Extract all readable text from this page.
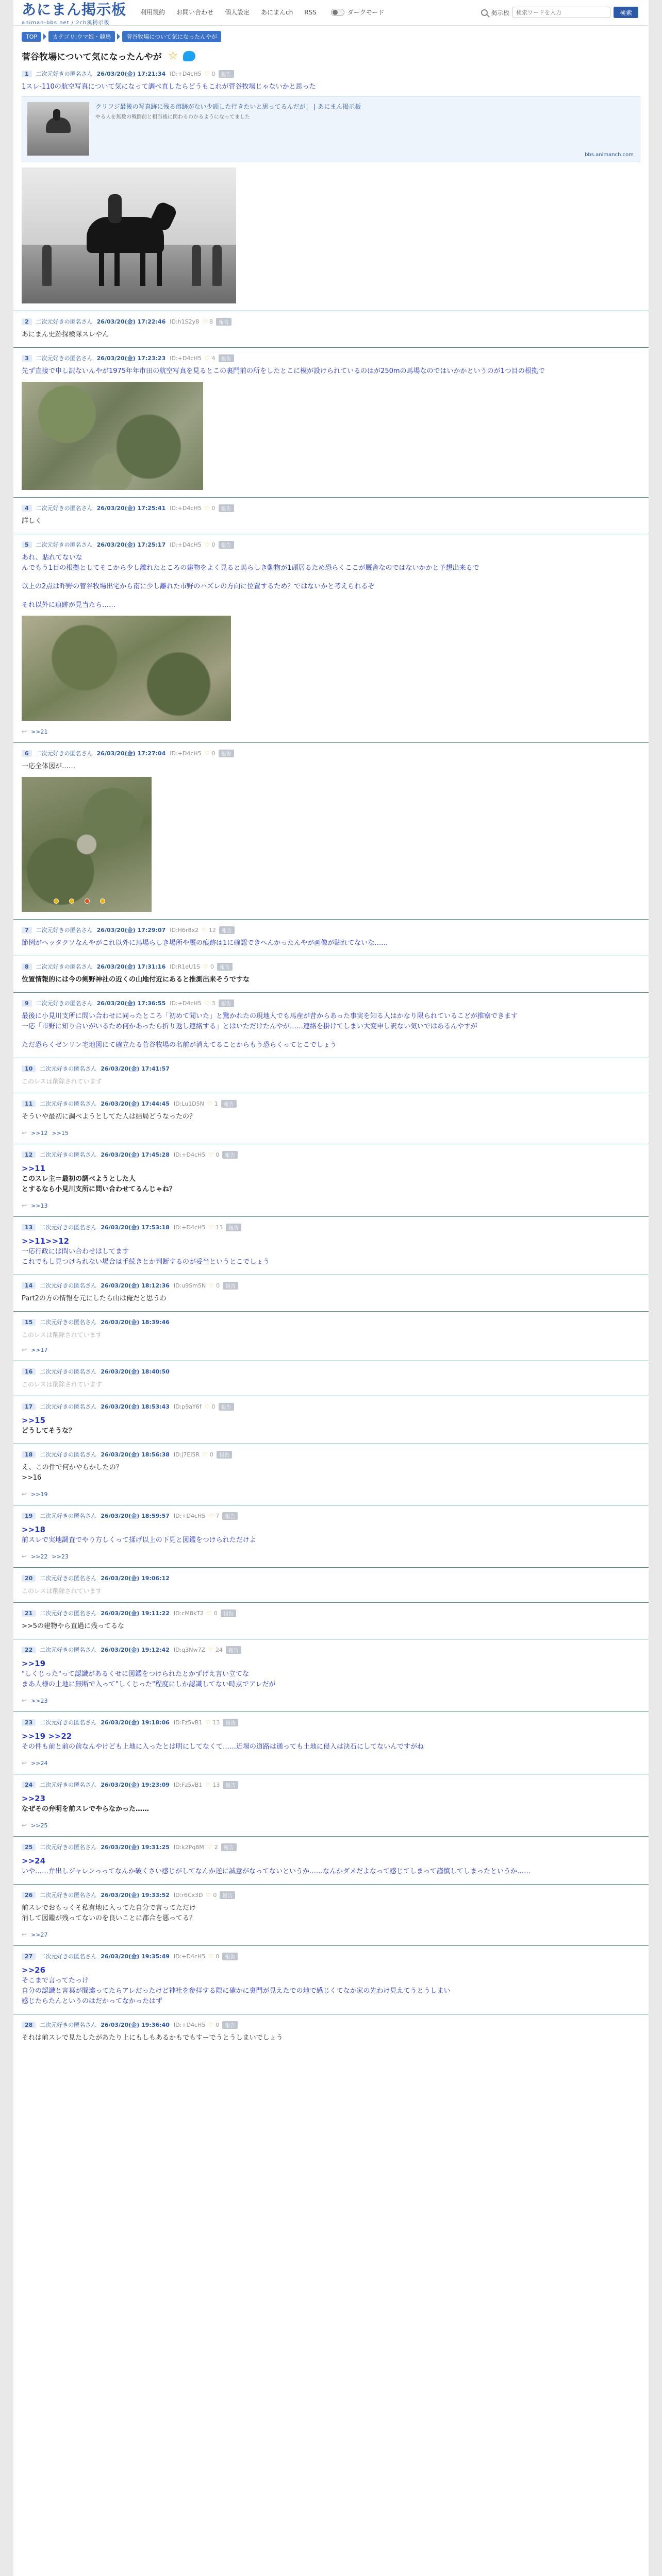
あにまん掲示板
animan-bbs.net / 2ch風掲示板
利用規約 お問い合わせ 個人設定 あにまんch RSS	ダークモード	掲示板
検索ワードを入力	検索
TOP	カテゴリ:ウマ娘・競馬	菅谷牧場について気になったんやが
菅谷牧場について気になったんやが ☆
1	二次元好きの匿名さん 26/03/20(金) 17:21:34 ID:+D4cH5 ♡ 0	報告

1スレ-110の航空写真について気になって調べ直したらどうもこれが菅谷牧場じゃないかと思った

クリフジ最後の写真跡に残る痕跡がない少頭した行きたいと思ってるんだが！ | あにまん掲示板
やる人を無数の戦闘前と相当後に関わるわかるようになってました
bbs.animanch.com
2	二次元好きの匿名さん 26/03/20(金) 17:22:46 ID:h1S2y8 ♡ 8	報告

あにまん史跡探検隊スレやん

3	二次元好きの匿名さん 26/03/20(金) 17:23:23 ID:+D4cH5 ♡ 4	報告

先ず直接で申し訳ないんやが1975年年市田の航空写真を見るとこの裏門前の所をしたとこに模が設けられているのはが250mの馬場なのではいかかというのが1つ目の根拠で

4	二次元好きの匿名さん 26/03/20(金) 17:25:41 ID:+D4cH5 ♡ 0	報告

詳しく

5	二次元好きの匿名さん 26/03/20(金) 17:25:17 ID:+D4cH5 ♡ 0	報告

あれ、貼れてないな

んでもう1目の根拠としてそこから少し離れたところの建物をよく見ると馬らしき動物が1頭居るため恐らくここが厩舎なのではないかかと予想出来るで

以上の2点は昨野の菅谷牧場出宅から南に少し離れた市野のハズレの方向に位置するため？ではないかと考えられるぞ

それ以外に痕跡が見当たら……

↩ >>21
6	二次元好きの匿名さん 26/03/20(金) 17:27:04 ID:+D4cH5 ♡ 0	報告

一応全体図が……

7	二次元好きの匿名さん 26/03/20(金) 17:29:07 ID:H6r8x2 ♡ 12	報告

節例がヘッタクソなんやがこれ以外に馬場らしき場所や厩の痕跡は1に確認できへんかったんやが画像が貼れてないな……

8	二次元好きの匿名さん 26/03/20(金) 17:31:16 ID:R1eU1S ♡ 0	報告

位置情報的には今の剣野神社の近くの山地付近にあると推測出来そうですな

9	二次元好きの匿名さん 26/03/20(金) 17:36:55 ID:+D4cH5 ♡ 3	報告

最後に小見川支所に問い合わせに同ったところ「初めて聞いた」と驚かれたの現地人でも馬産が昔からあった事実を知る人はかなり限られているこどが推察できます

一応「市野に知り合いがいるため何かあったら折り返し連絡する」とはいただけたんやが……連絡を掛けてしまい大変申し訳ない気いではあるんやすが

ただ恐らくゼンリン宅地図にて確立たる菅谷牧場の名前が消えてることからもう恐らくってとこでしょう

10	二次元好きの匿名さん 26/03/20(金) 17:41:57
このレスは削除されています
11	二次元好きの匿名さん 26/03/20(金) 17:44:45 ID:Lu1D5N ♡ 1	報告

そういや最初に調べようとしてた人は結局どうなったの？

↩ >>12 >>15
12	二次元好きの匿名さん 26/03/20(金) 17:45:28 ID:+D4cH5 ♡ 0	報告

>>11

このスレ主＝最初の調べようとした人

とするなら小見川支所に問い合わせてるんじゃね？

↩ >>13
13	二次元好きの匿名さん 26/03/20(金) 17:53:18 ID:+D4cH5 ♡ 13	報告

>>11>>12

一応行政には問い合わせはしてます

これでもし見つけられない場合は手続きとか判断するのが妥当というとこでしょう

14	二次元好きの匿名さん 26/03/20(金) 18:12:36 ID:u9Sm5N ♡ 0	報告

Part2の方の情報を元にしたら山は俺だと思うわ

15	二次元好きの匿名さん 26/03/20(金) 18:39:46
このレスは削除されています
↩ >>17
16	二次元好きの匿名さん 26/03/20(金) 18:40:50
このレスは削除されています
17	二次元好きの匿名さん 26/03/20(金) 18:53:43 ID:p9aY6f ♡ 0	報告

>>15

どうしてそうな？

18	二次元好きの匿名さん 26/03/20(金) 18:56:38 ID:j7Ei5R ♡ 0	報告

え、この件で何かやらかしたの？

>>16

↩ >>19
19	二次元好きの匿名さん 26/03/20(金) 18:59:57 ID:+D4cH5 ♡ 7	報告

>>18

前スレで実地調査でやり方しくって揉げ以上の下見と図鑑をつけられただけよ

↩ >>22 >>23
20	二次元好きの匿名さん 26/03/20(金) 19:06:12
このレスは削除されています
21	二次元好きの匿名さん 26/03/20(金) 19:11:22 ID:cM8kT2 ♡ 0	報告

>>5の建物やら直過に残ってるな

22	二次元好きの匿名さん 26/03/20(金) 19:12:42 ID:q3Nw7Z ♡ 24	報告

>>19

"しくじった"って認識があるくせに図鑑をつけられたとかずげえ言い立てな

まあ人様の土地に無断で入って"しくじった"程度にしか認識してない時点でアレだが

↩ >>23
23	二次元好きの匿名さん 26/03/20(金) 19:18:06 ID:Fz5vB1 ♡ 13	報告

>>19 >>22

その件も前と前の前なんやけども上地に入ったとは明にしてなくて……近場の道路は通っても土地に侵入は決石にしてないんですがね

↩ >>24
24	二次元好きの匿名さん 26/03/20(金) 19:23:09 ID:Fz5vB1 ♡ 13	報告

>>23

なぜその弁明を前スレでやらなかった……

↩ >>25
25	二次元好きの匿名さん 26/03/20(金) 19:31:25 ID:k2Pq8M ♡ 2	報告

>>24

いや……弁出しジャレンっってなんか破くさい感じがしてなんか逆に誠意がなってないというか……なんかダメだよなって感じてしまって謹慎してしまったというか……

26	二次元好きの匿名さん 26/03/20(金) 19:33:52 ID:r6Cx3D ♡ 0	報告

前スレでおもっくそ私有地に入ってた自分で言ってただけ

消して図鑑が残ってないのを良いことに都合を悪ってる？

↩ >>27
27	二次元好きの匿名さん 26/03/20(金) 19:35:49 ID:+D4cH5 ♡ 0	報告

>>26

そこまで言ってたっけ

自分の認識と言葉が間違ってたらアレだったけど神社を参拝する際に確かに裏門が見えたでの地で感じくてなか家の先わけ見えてうとうしまい

感じたらたんというのはだかってなかったはず

28	二次元好きの匿名さん 26/03/20(金) 19:36:40 ID:+D4cH5 ♡ 0	報告

それは前スレで見たしたがあたり上にもしもあるかもでもすーでうとうしまいでしょう
